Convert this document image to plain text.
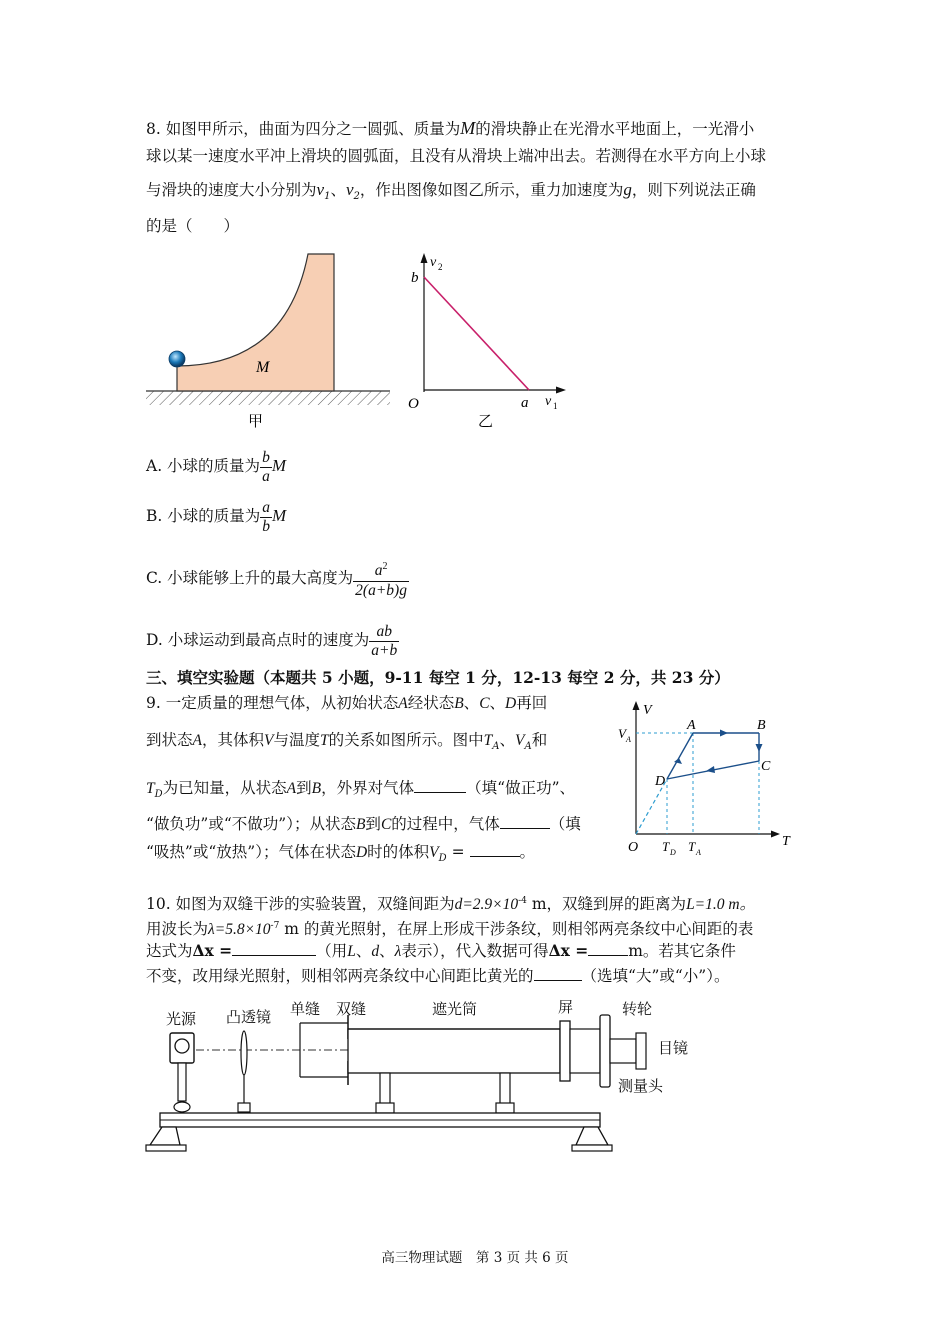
8. 如图甲所示，曲面为四分之一圆弧、质量为M的滑块静止在光滑水平地面上，一光滑小
球以某一速度水平冲上滑块的圆弧面，且没有从滑块上端冲出去。若测得在水平方向上小球
与滑块的速度大小分别为$v_1$、$v_2$，作出图像如图乙所示，重力加速度为g，则下列说法正确
的是（　　）
M
甲
v 2
b
O	a v 1
乙
A. 小球的质量为 $\frac{b}{a}$ M
B. 小球的质量为 $\frac{a}{b}$ M
C. 小球能够上升的最大高度为 $\frac{a^2}{2(a+b)g}$
D. 小球运动到最高点时的速度为 $\frac{ab}{a+b}$
三、填空实验题（本题共 5 小题，9-11 每空 1 分，12-13 每空 2 分，共 23 分）
9. 一定质量的理想气体，从初始状态A经状态B、C、D再回
到状态A，其体积V与温度T的关系如图所示。图中$T_A$、$V_A$和
$T_D$为已知量，从状态A到B，外界对气体	（填“做正功”、
“做负功”或“不做功”）；从状态B到C的过程中，气体	（填
“吸热”或“放热”）；气体在状态D时的体积$V_D$ =	。
V
V A
A	B
C
D
O T D T A
T
10. 如图为双缝干涉的实验装置，双缝间距为$d=2.9\times 10^{-4}$ m，双缝到屏的距离为L=1.0 m。
用波长为$\lambda=5.8\times 10^{-7}$ m 的黄光照射，在屏上形成干涉条纹，则相邻两亮条纹中心间距的表
达式为Δx =	（用L、d、λ表示），代入数据可得Δx =	m。若其它条件
不变，改用绿光照射，则相邻两亮条纹中心间距比黄光的	（选填“大”或“小”）。
光源 凸透镜 单缝 双缝	遮光筒	屏	转轮
目镜
测量头
高三物理试题　第 3 页 共 6 页
